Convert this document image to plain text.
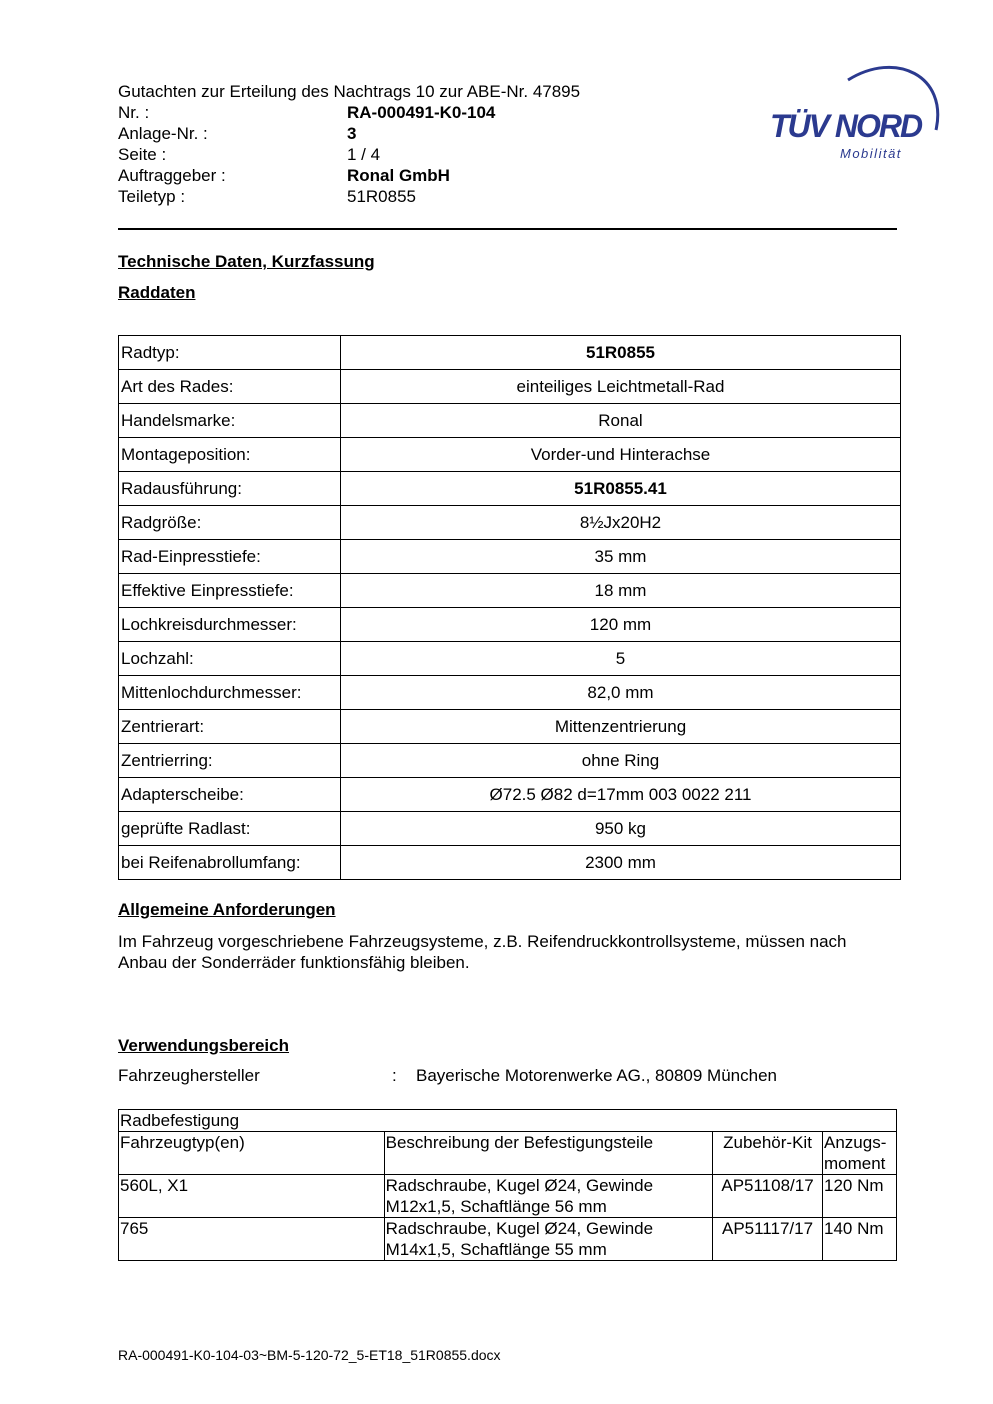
Gutachten zur Erteilung des Nachtrags 10 zur ABE-Nr. 47895
Nr. :	RA-000491-K0-104
Anlage-Nr. :	3
Seite :	1 / 4
Auftraggeber :	Ronal GmbH
Teiletyp :	51R0855
TÜV NORD
Mobilität
Technische Daten, Kurzfassung
Raddaten
Radtyp:	51R0855
Art des Rades:	einteiliges Leichtmetall-Rad
Handelsmarke:	Ronal
Montageposition:	Vorder-und Hinterachse
Radausführung:	51R0855.41
Radgröße:	8½Jx20H2
Rad-Einpresstiefe:	35 mm
Effektive Einpresstiefe:	18 mm
Lochkreisdurchmesser:	120 mm
Lochzahl:	5
Mittenlochdurchmesser:	82,0 mm
Zentrierart:	Mittenzentrierung
Zentrierring:	ohne Ring
Adapterscheibe:	Ø72.5 Ø82 d=17mm 003 0022 211
geprüfte Radlast:	950 kg
bei Reifenabrollumfang:	2300 mm
Allgemeine Anforderungen
Im Fahrzeug vorgeschriebene Fahrzeugsysteme, z.B. Reifendruckkontrollsysteme, müssen nach Anbau der Sonderräder funktionsfähig bleiben.
Verwendungsbereich
Fahrzeughersteller	:	Bayerische Motorenwerke AG., 80809 München
Radbefestigung			
Fahrzeugtyp(en)	Beschreibung der Befestigungsteile	Zubehör-Kit	Anzugs-moment
560L, X1	Radschraube, Kugel Ø24, Gewinde M12x1,5, Schaftlänge 56 mm	AP51108/17	120 Nm
765	Radschraube, Kugel Ø24, Gewinde M14x1,5, Schaftlänge 55 mm	AP51117/17	140 Nm
RA-000491-K0-104-03~BM-5-120-72_5-ET18_51R0855.docx
